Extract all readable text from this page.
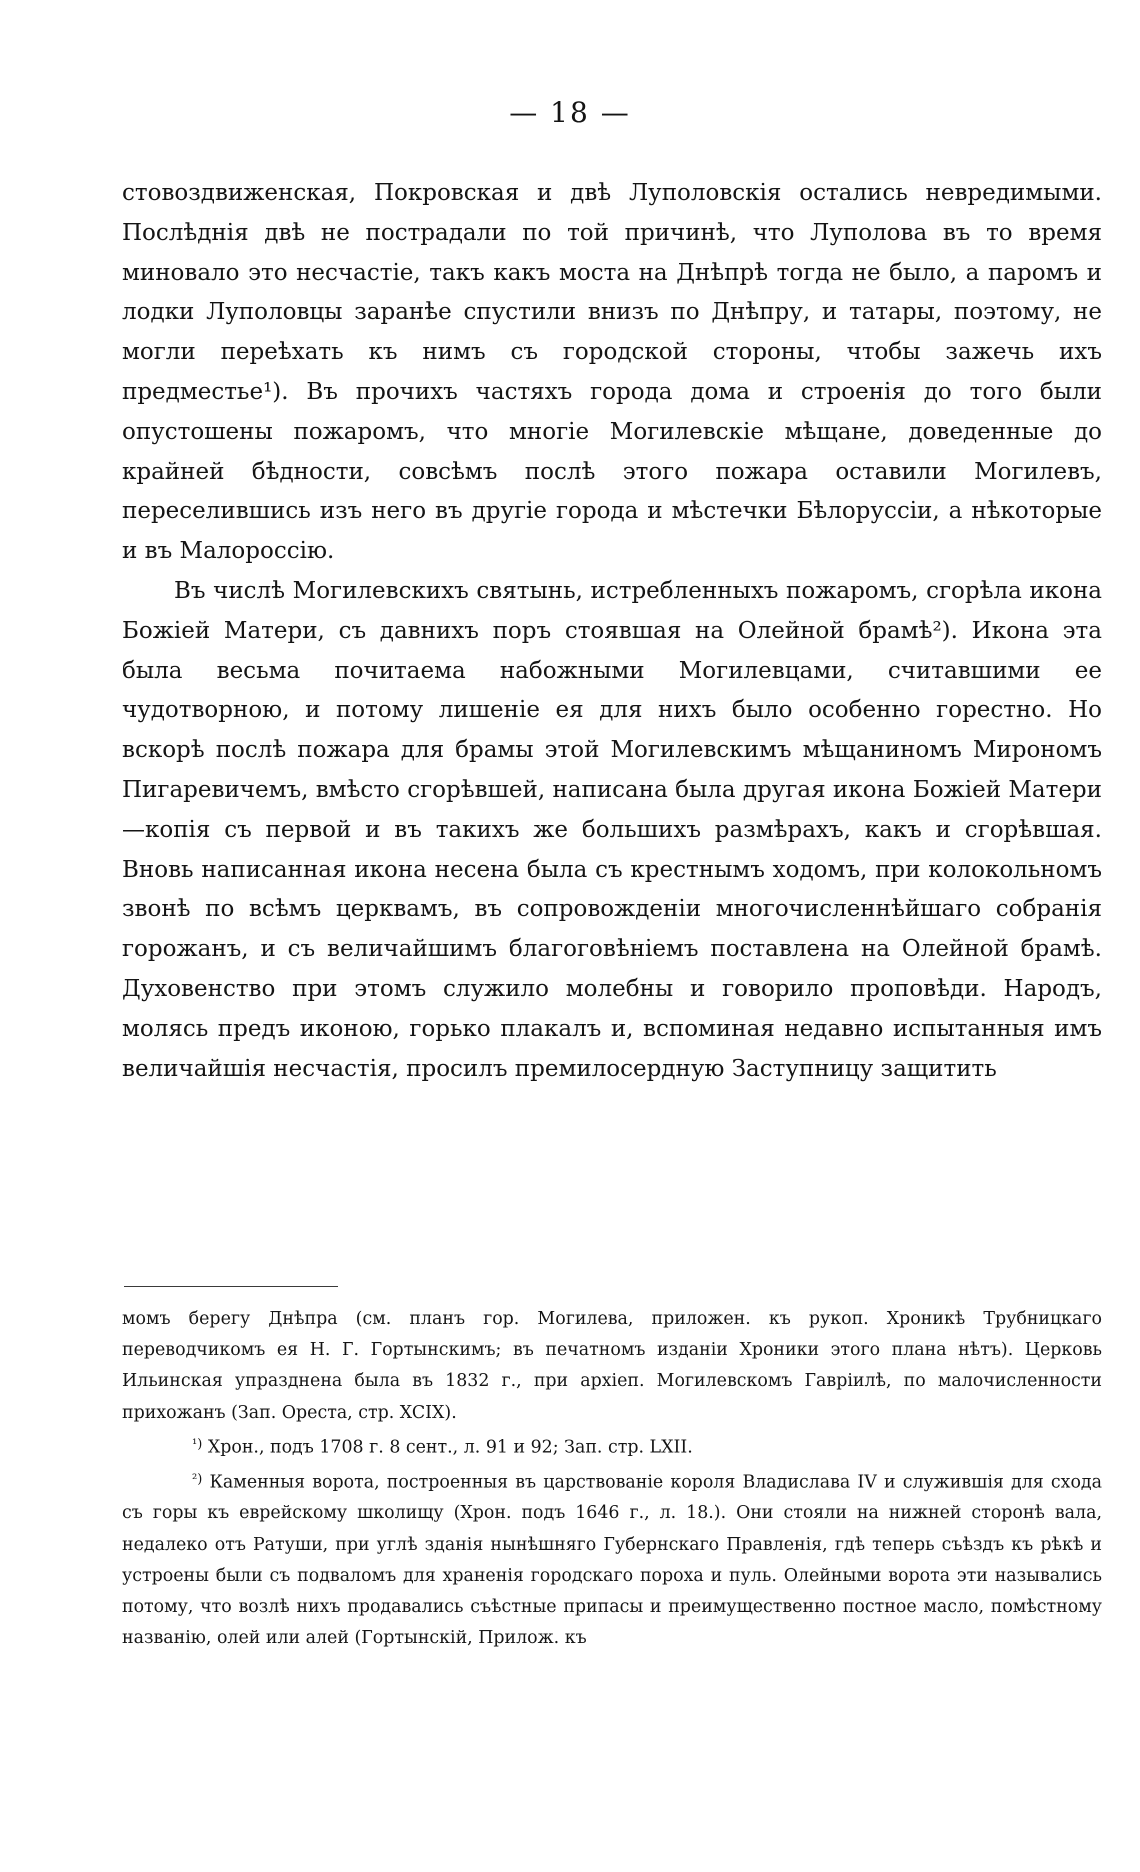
— 18 —

стовоздвиженская, Покровская и двѣ Луполовскія остались невредимыми. Послѣднія двѣ не пострадали по той причинѣ, что Луполова въ то время миновало это несчастіе, такъ какъ моста на Днѣпрѣ тогда не было, а паромъ и лодки Луполовцы заранѣе спустили внизъ по Днѣпру, и татары, поэтому, не могли переѣхать къ нимъ съ городской стороны, чтобы зажечь ихъ предместье¹). Въ прочихъ частяхъ города дома и строенія до того были опустошены пожаромъ, что многіе Могилевскіе мѣщане, доведенные до крайней бѣдности, совсѣмъ послѣ этого пожара оставили Могилевъ, переселившись изъ него въ другіе города и мѣстечки Бѣлоруссіи, а нѣкоторые и въ Малороссію.

Въ числѣ Могилевскихъ святынь, истребленныхъ пожаромъ, сгорѣла икона Божіей Матери, съ давнихъ поръ стоявшая на Олейной брамѣ²). Икона эта была весьма почитаема набожными Могилевцами, считавшими ее чудотворною, и потому лишеніе ея для нихъ было особенно горестно. Но вскорѣ послѣ пожара для брамы этой Могилевскимъ мѣщаниномъ Мирономъ Пигаревичемъ, вмѣсто сгорѣвшей, написана была другая икона Божіей Матери—копія съ первой и въ такихъ же большихъ размѣрахъ, какъ и сгорѣвшая. Вновь написанная икона несена была съ крестнымъ ходомъ, при колокольномъ звонѣ по всѣмъ церквамъ, въ сопровожденіи многочисленнѣйшаго собранія горожанъ, и съ величайшимъ благоговѣніемъ поставлена на Олейной брамѣ. Духовенство при этомъ служило молебны и говорило проповѣди. Народъ, молясь предъ иконою, горько плакалъ и, вспоминая недавно испытанныя имъ величайшія несчастія, просилъ премилосердную Заступницу защитить

момъ берегу Днѣпра (см. планъ гор. Могилева, приложен. къ рукоп. Хроникѣ Трубницкаго переводчикомъ ея Н. Г. Гортынскимъ; въ печатномъ изданіи Хроники этого плана нѣтъ). Церковь Ильинская упразднена была въ 1832 г., при архіеп. Могилевскомъ Гавріилѣ, по малочисленности прихожанъ (Зап. Ореста, стр. XCIX).

$^{^1)}$ Хрон., подъ 1708 г. 8 сент., л. 91 и 92; Зап. стр. LXII.

$^{^2)}$ Каменныя ворота, построенныя въ царствованіе короля Владислава IV и служившія для схода съ горы къ еврейскому школищу (Хрон. подъ 1646 г., л. 18.). Они стояли на нижней сторонѣ вала, недалеко отъ Ратуши, при углѣ зданія нынѣшняго Губернскаго Правленія, гдѣ теперь съѣздъ къ рѣкѣ и устроены были съ подваломъ для храненія городскаго пороха и пуль. Олейными ворота эти назывались потому, что возлѣ нихъ продавались съѣстные припасы и преимущественно постное масло, помѣстному названію, олей или алей (Гортынскій, Прилож. къ
